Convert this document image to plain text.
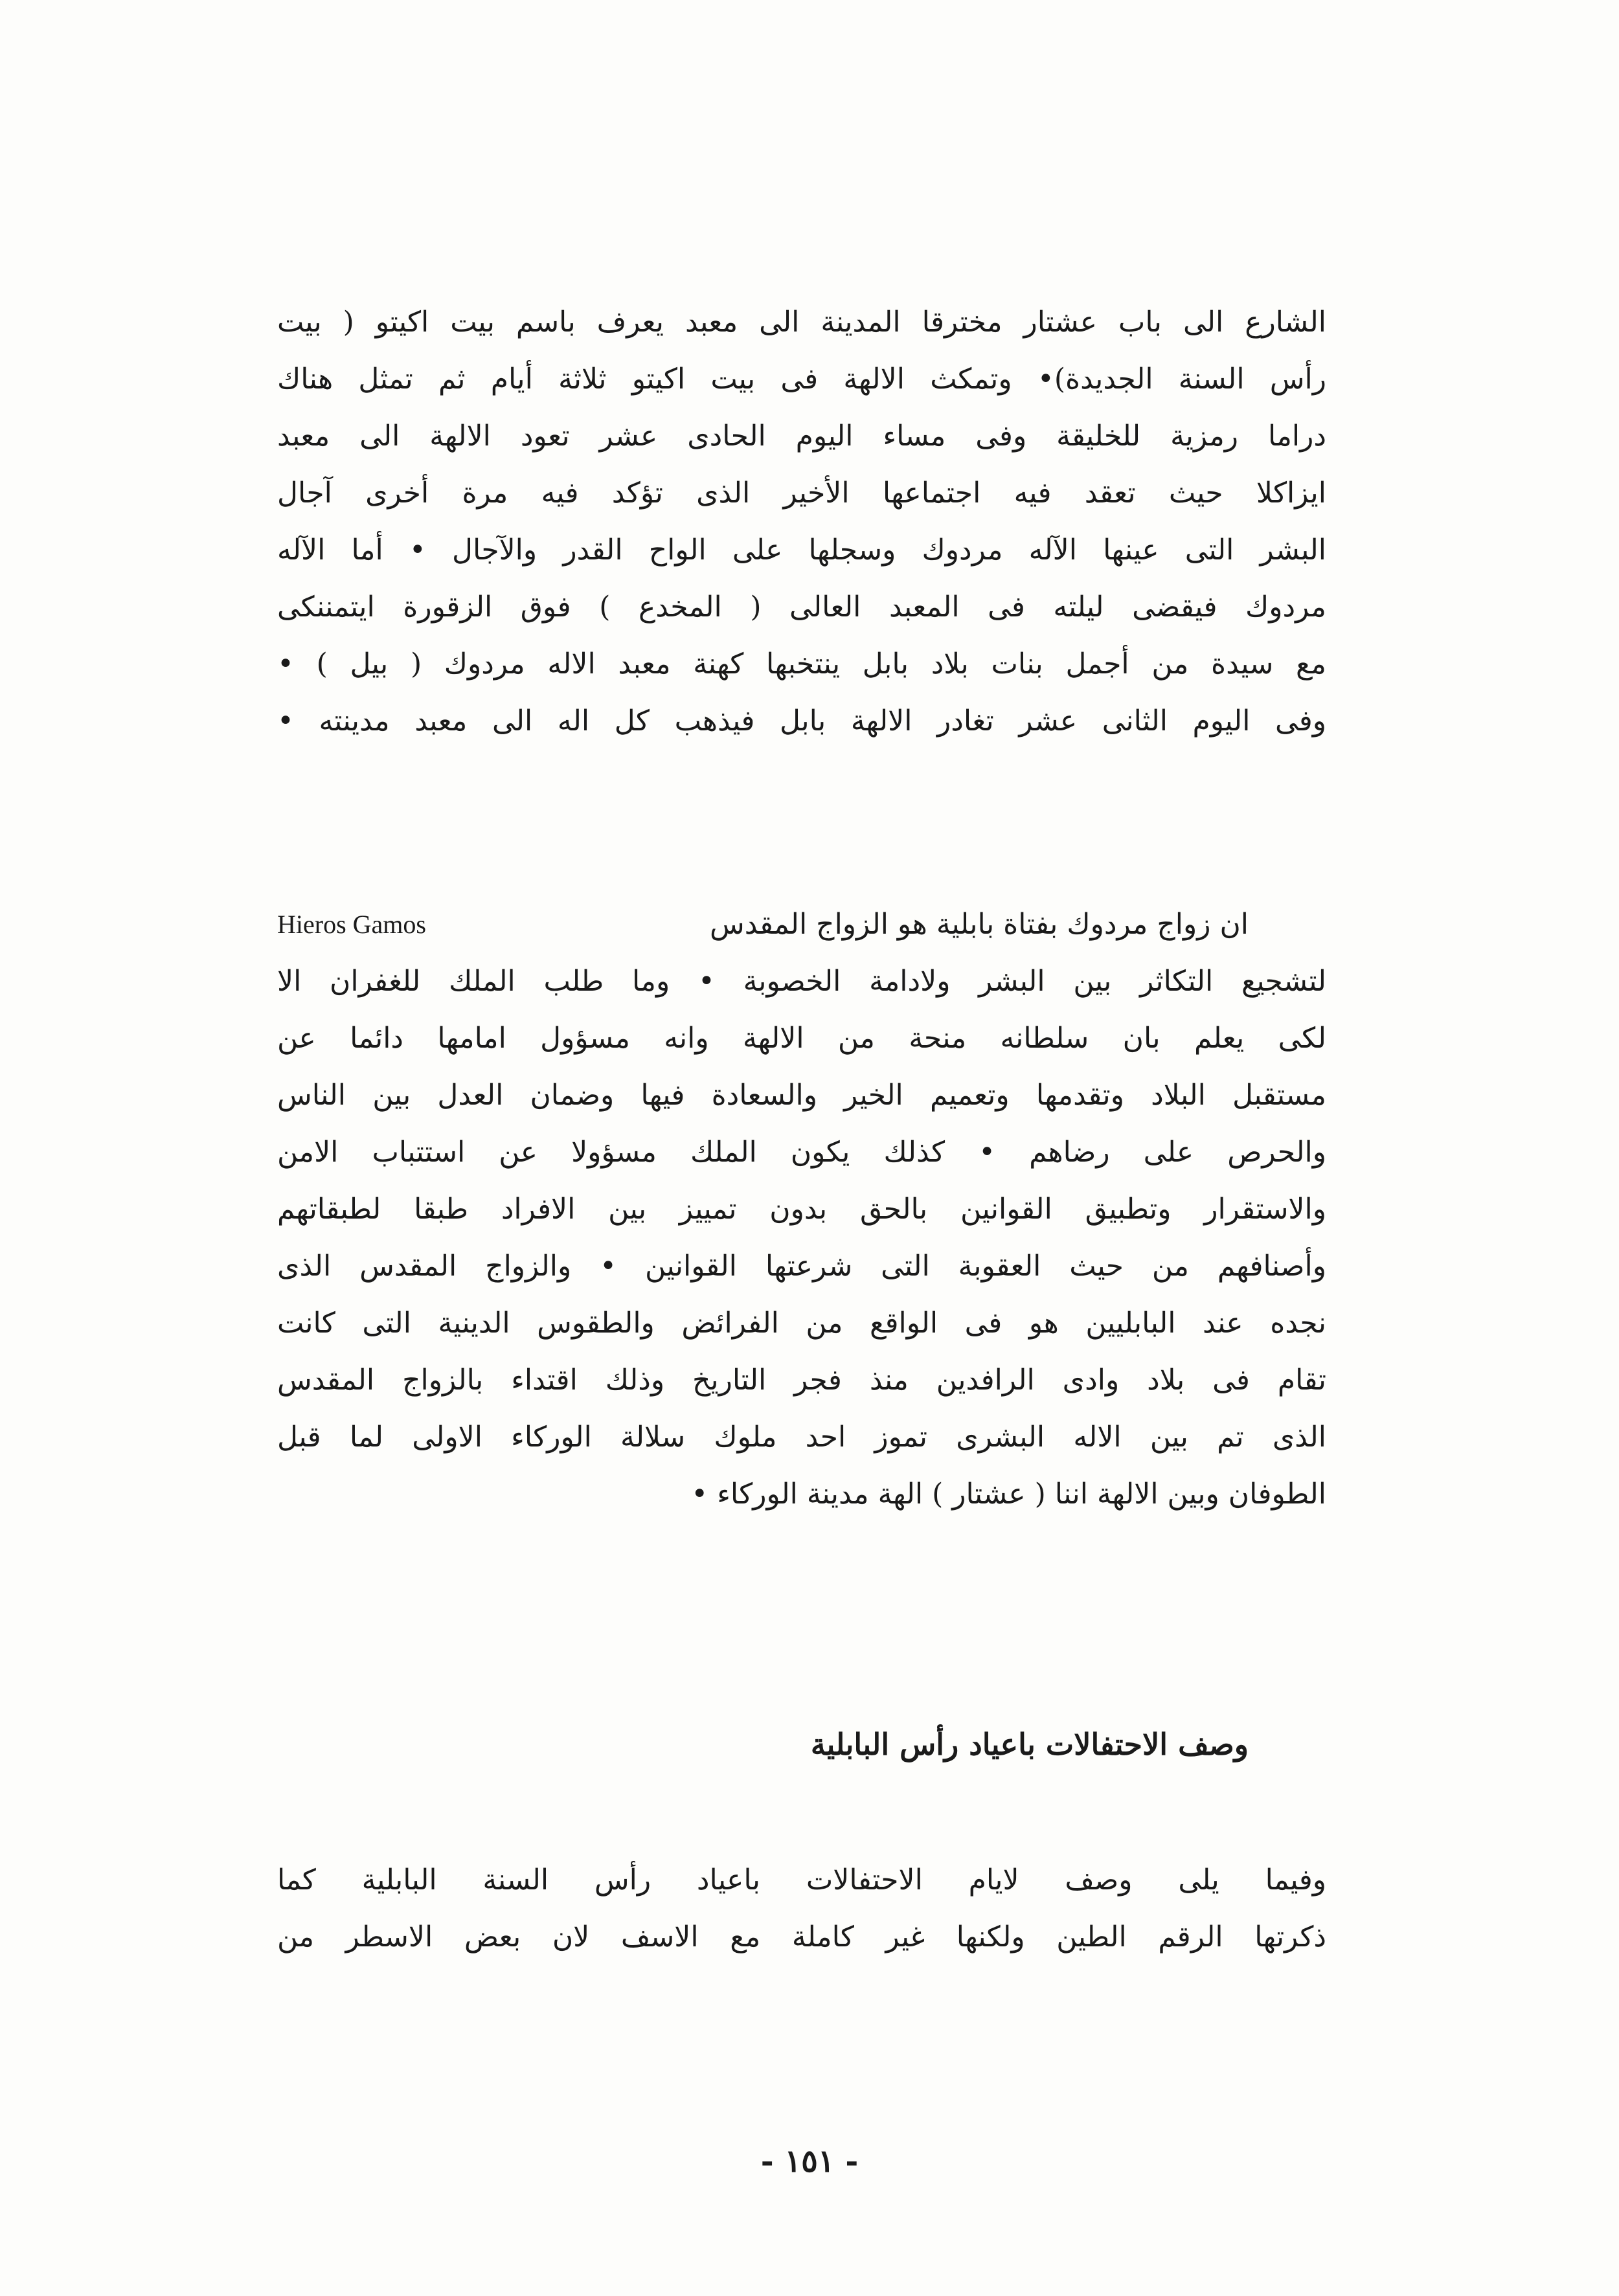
الشارع الى باب عشتار مخترقا المدينة الى معبد يعرف باسم بيت اكيتو ( بيت
رأس السنة الجديدة)• وتمكث الالهة فى بيت اكيتو ثلاثة أيام ثم تمثل هناك
دراما رمزية للخليقة وفى مساء اليوم الحادى عشر تعود الالهة الى معبد
ايزاكلا حيث تعقد فيه اجتماعها الأخير الذى تؤكد فيه مرة أخرى آجال
البشر التى عينها الآله مردوك وسجلها على الواح القدر والآجال • أما الآله
مردوك فيقضى ليلته فى المعبد العالى ( المخدع ) فوق الزقورة ايتمننكى
مع سيدة من أجمل بنات بلاد بابل ينتخبها كهنة معبد الاله مردوك ( بيل ) •
وفى اليوم الثانى عشر تغادر الالهة بابل فيذهب كل اله الى معبد مدينته •
ان زواج مردوك بفتاة بابلية هو الزواج المقدس
Hieros Gamos
لتشجيع التكاثر بين البشر ولادامة الخصوبة • وما طلب الملك للغفران الا
لكى يعلم بان سلطانه منحة من الالهة وانه مسؤول امامها دائما عن
مستقبل البلاد وتقدمها وتعميم الخير والسعادة فيها وضمان العدل بين الناس
والحرص على رضاهم • كذلك يكون الملك مسؤولا عن استتباب الامن
والاستقرار وتطبيق القوانين بالحق بدون تمييز بين الافراد طبقا لطبقاتهم
وأصنافهم من حيث العقوبة التى شرعتها القوانين • والزواج المقدس الذى
نجده عند البابليين هو فى الواقع من الفرائض والطقوس الدينية التى كانت
تقام فى بلاد وادى الرافدين منذ فجر التاريخ وذلك اقتداء بالزواج المقدس
الذى تم بين الاله البشرى تموز احد ملوك سلالة الوركاء الاولى لما قبل
الطوفان وبين الالهة اننا ( عشتار ) الهة مدينة الوركاء •
وصف الاحتفالات باعياد رأس البابلية
وفيما يلى وصف لايام الاحتفالات باعياد رأس السنة البابلية كما
ذكرتها الرقم الطين ولكنها غير كاملة مع الاسف لان بعض الاسطر من
- ١٥١ -
